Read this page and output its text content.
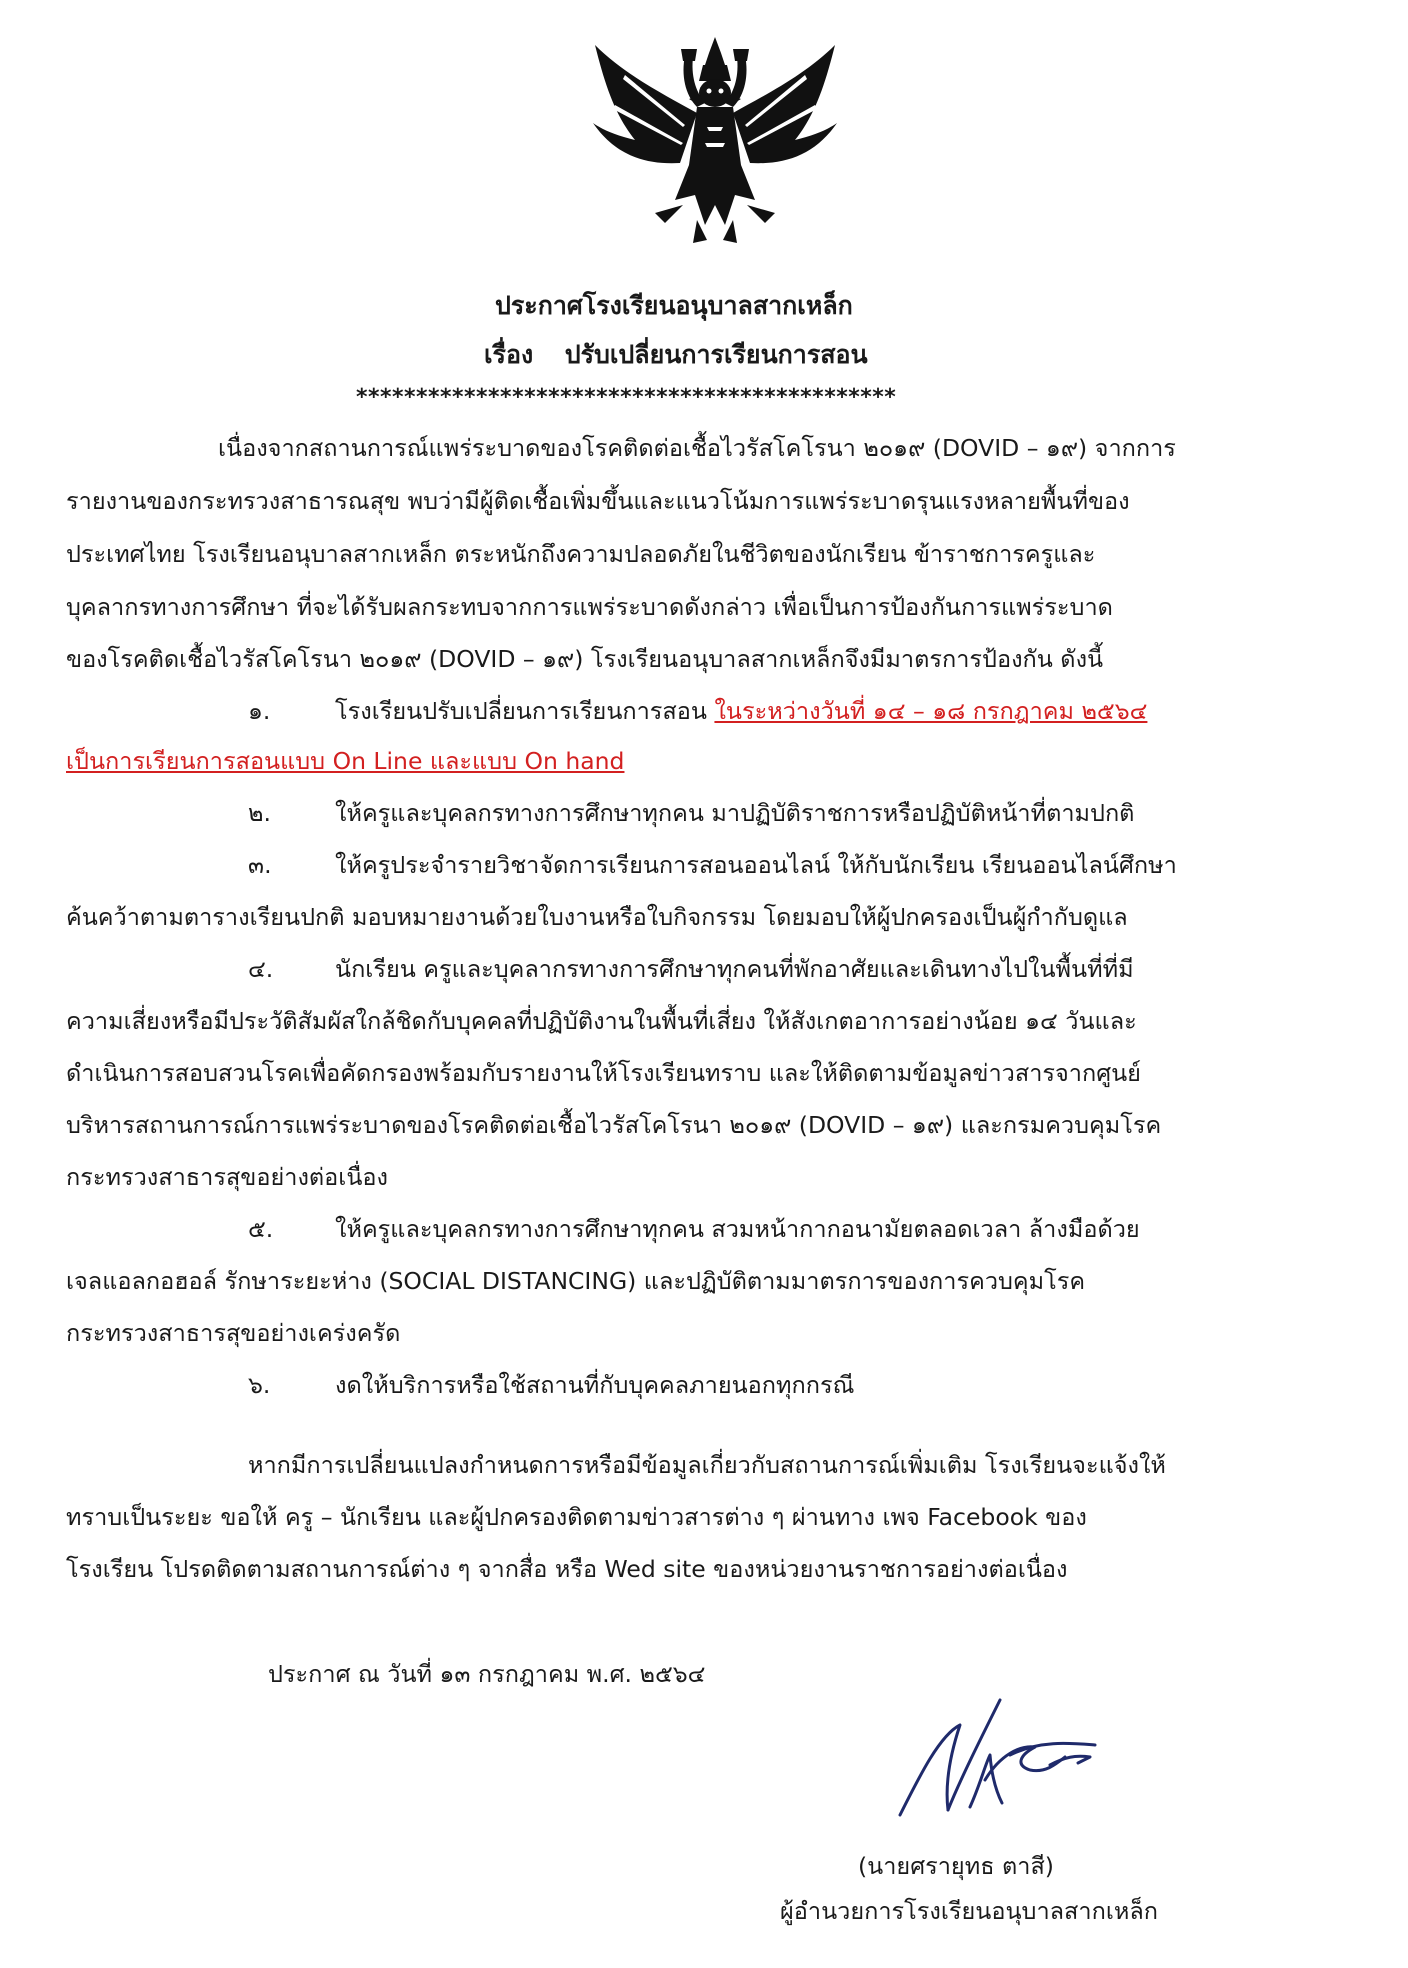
ประกาศโรงเรียนอนุบาลสากเหล็ก
เรื่อง ปรับเปลี่ยนการเรียนการสอน
*********************************************
เนื่องจากสถานการณ์แพร่ระบาดของโรคติดต่อเชื้อไวรัสโคโรนา ๒๐๑๙ (DOVID – ๑๙) จากการ
รายงานของกระทรวงสาธารณสุข พบว่ามีผู้ติดเชื้อเพิ่มขึ้นและแนวโน้มการแพร่ระบาดรุนแรงหลายพื้นที่ของ
ประเทศไทย โรงเรียนอนุบาลสากเหล็ก ตระหนักถึงความปลอดภัยในชีวิตของนักเรียน ข้าราชการครูและ
บุคลากรทางการศึกษา ที่จะได้รับผลกระทบจากการแพร่ระบาดดังกล่าว เพื่อเป็นการป้องกันการแพร่ระบาด
ของโรคติดเชื้อไวรัสโคโรนา ๒๐๑๙ (DOVID – ๑๙) โรงเรียนอนุบาลสากเหล็กจึงมีมาตรการป้องกัน ดังนี้
๑.	โรงเรียนปรับเปลี่ยนการเรียนการสอน ในระหว่างวันที่ ๑๔ – ๑๘ กรกฎาคม ๒๕๖๔
เป็นการเรียนการสอนแบบ On Line และแบบ On hand
๒.	ให้ครูและบุคลกรทางการศึกษาทุกคน มาปฏิบัติราชการหรือปฏิบัติหน้าที่ตามปกติ
๓.	ให้ครูประจำรายวิชาจัดการเรียนการสอนออนไลน์ ให้กับนักเรียน เรียนออนไลน์ศึกษา
ค้นคว้าตามตารางเรียนปกติ มอบหมายงานด้วยใบงานหรือใบกิจกรรม โดยมอบให้ผู้ปกครองเป็นผู้กำกับดูแล
๔.	นักเรียน ครูและบุคลากรทางการศึกษาทุกคนที่พักอาศัยและเดินทางไปในพื้นที่ที่มี
ความเสี่ยงหรือมีประวัติสัมผัสใกล้ชิดกับบุคคลที่ปฏิบัติงานในพื้นที่เสี่ยง ให้สังเกตอาการอย่างน้อย ๑๔ วันและ
ดำเนินการสอบสวนโรคเพื่อคัดกรองพร้อมกับรายงานให้โรงเรียนทราบ และให้ติดตามข้อมูลข่าวสารจากศูนย์
บริหารสถานการณ์การแพร่ระบาดของโรคติดต่อเชื้อไวรัสโคโรนา ๒๐๑๙ (DOVID – ๑๙) และกรมควบคุมโรค
กระทรวงสาธารสุขอย่างต่อเนื่อง
๕.	ให้ครูและบุคลกรทางการศึกษาทุกคน สวมหน้ากากอนามัยตลอดเวลา ล้างมือด้วย
เจลแอลกอฮอล์ รักษาระยะห่าง (SOCIAL DISTANCING) และปฏิบัติตามมาตรการของการควบคุมโรค
กระทรวงสาธารสุขอย่างเคร่งครัด
๖.	งดให้บริการหรือใช้สถานที่กับบุคคลภายนอกทุกกรณี
หากมีการเปลี่ยนแปลงกำหนดการหรือมีข้อมูลเกี่ยวกับสถานการณ์เพิ่มเติม โรงเรียนจะแจ้งให้
ทราบเป็นระยะ ขอให้ ครู – นักเรียน และผู้ปกครองติดตามข่าวสารต่าง ๆ ผ่านทาง เพจ Facebook ของ
โรงเรียน โปรดติดตามสถานการณ์ต่าง ๆ จากสื่อ หรือ Wed site ของหน่วยงานราชการอย่างต่อเนื่อง
ประกาศ ณ วันที่ ๑๓ กรกฎาคม พ.ศ. ๒๕๖๔
(นายศรายุทธ ตาสี)
ผู้อำนวยการโรงเรียนอนุบาลสากเหล็ก
